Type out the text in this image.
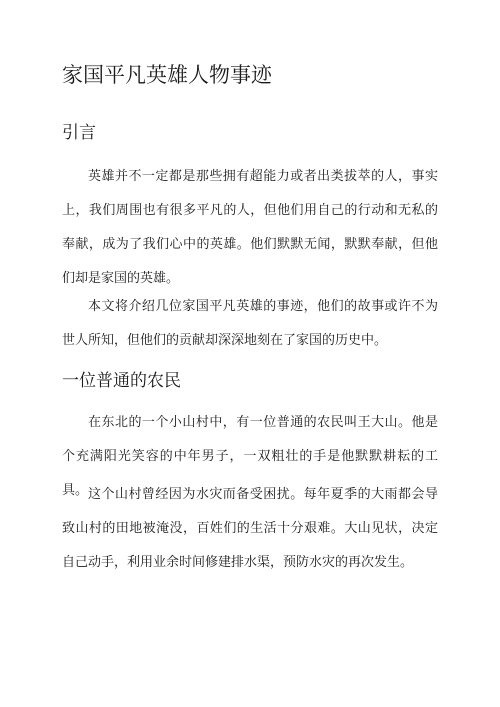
家国平凡英雄人物事迹
引言

英雄并不一定都是那些拥有超能力或者出类拔萃的人，事实上，我们周围也有很多平凡的人，但他们用自己的行动和无私的奉献，成为了我们心中的英雄。他们默默无闻，默默奉献，但他们却是家国的英雄。

本文将介绍几位家国平凡英雄的事迹，他们的故事或许不为世人所知，但他们的贡献却深深地刻在了家国的历史中。

一位普通的农民

在东北的一个小山村中，有一位普通的农民叫王大山。他是个充满阳光笑容的中年男子，一双粗壮的手是他默默耕耘的工具。 这个山村曾经因为水灾而备受困扰。每年夏季的大雨都会导致山村的田地被淹没，百姓们的生活十分艰难。大山见状，决定自己动手，利用业余时间修建排水渠，预防水灾的再次发生。
